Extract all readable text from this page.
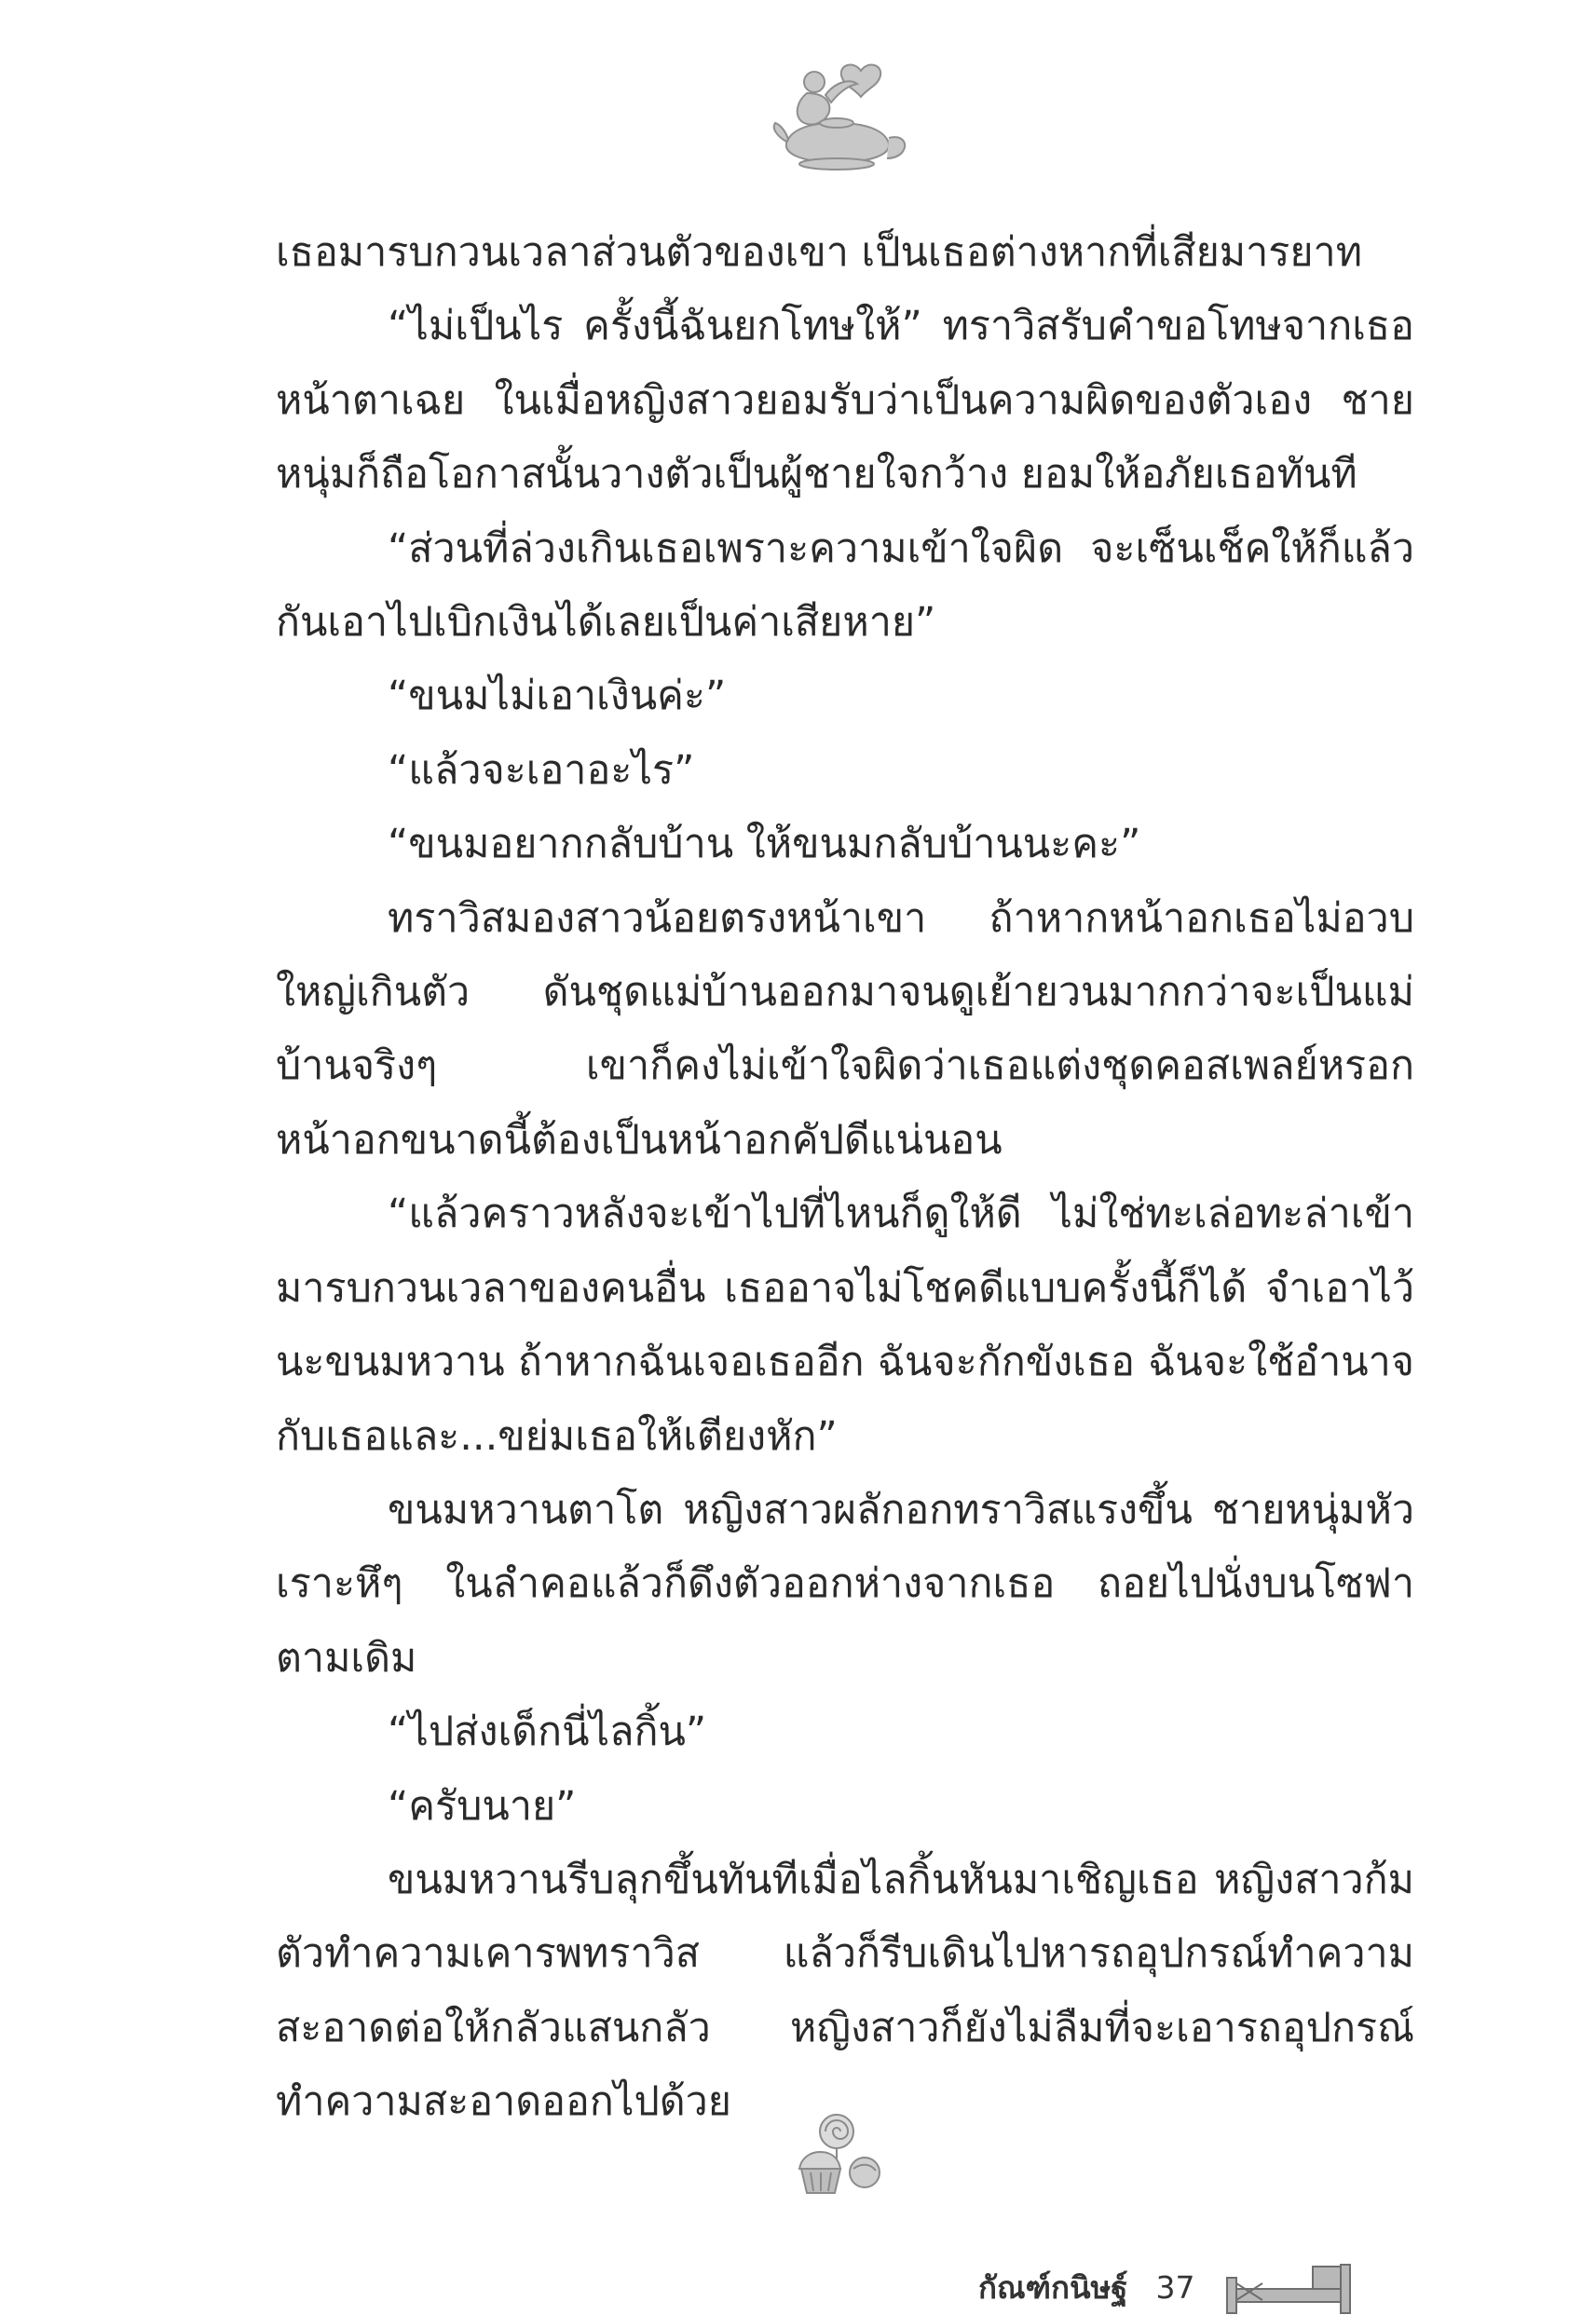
เธอมารบกวนเวลาส่วนตัวของเขา เป็นเธอต่างหากที่เสียมารยาท

“ไม่เป็นไร ครั้งนี้ฉันยกโทษให้” ทราวิสรับคำขอโทษจากเธอหน้าตาเฉย ในเมื่อหญิงสาวยอมรับว่าเป็นความผิดของตัวเอง ชายหนุ่มก็ถือโอกาสนั้นวางตัวเป็นผู้ชายใจกว้าง ยอมให้อภัยเธอทันที

“ส่วนที่ล่วงเกินเธอเพราะความเข้าใจผิด จะเซ็นเช็คให้ก็แล้วกันเอาไปเบิกเงินได้เลยเป็นค่าเสียหาย”

“ขนมไม่เอาเงินค่ะ”

“แล้วจะเอาอะไร”

“ขนมอยากกลับบ้าน ให้ขนมกลับบ้านนะคะ”

ทราวิสมองสาวน้อยตรงหน้าเขา ถ้าหากหน้าอกเธอไม่อวบใหญ่เกินตัว ดันชุดแม่บ้านออกมาจนดูเย้ายวนมากกว่าจะเป็นแม่บ้านจริงๆ เขาก็คงไม่เข้าใจผิดว่าเธอแต่งชุดคอสเพลย์หรอก หน้าอกขนาดนี้ต้องเป็นหน้าอกคัปดีแน่นอน

“แล้วคราวหลังจะเข้าไปที่ไหนก็ดูให้ดี ไม่ใช่ทะเล่อทะล่าเข้ามารบกวนเวลาของคนอื่น เธออาจไม่โชคดีแบบครั้งนี้ก็ได้ จำเอาไว้นะขนมหวาน ถ้าหากฉันเจอเธออีก ฉันจะกักขังเธอ ฉันจะใช้อำนาจกับเธอและ...ขย่มเธอให้เตียงหัก”

ขนมหวานตาโต หญิงสาวผลักอกทราวิสแรงขึ้น ชายหนุ่มหัวเราะหึๆ ในลำคอแล้วก็ดึงตัวออกห่างจากเธอ ถอยไปนั่งบนโซฟาตามเดิม

“ไปส่งเด็กนี่ไลกิ้น”

“ครับนาย”

ขนมหวานรีบลุกขึ้นทันทีเมื่อไลกิ้นหันมาเชิญเธอ หญิงสาวก้มตัวทำความเคารพทราวิส แล้วก็รีบเดินไปหารถอุปกรณ์ทำความสะอาดต่อให้กลัวแสนกลัว หญิงสาวก็ยังไม่ลืมที่จะเอารถอุปกรณ์ทำความสะอาดออกไปด้วย

กัณฑ์กนิษฐ์ 37
